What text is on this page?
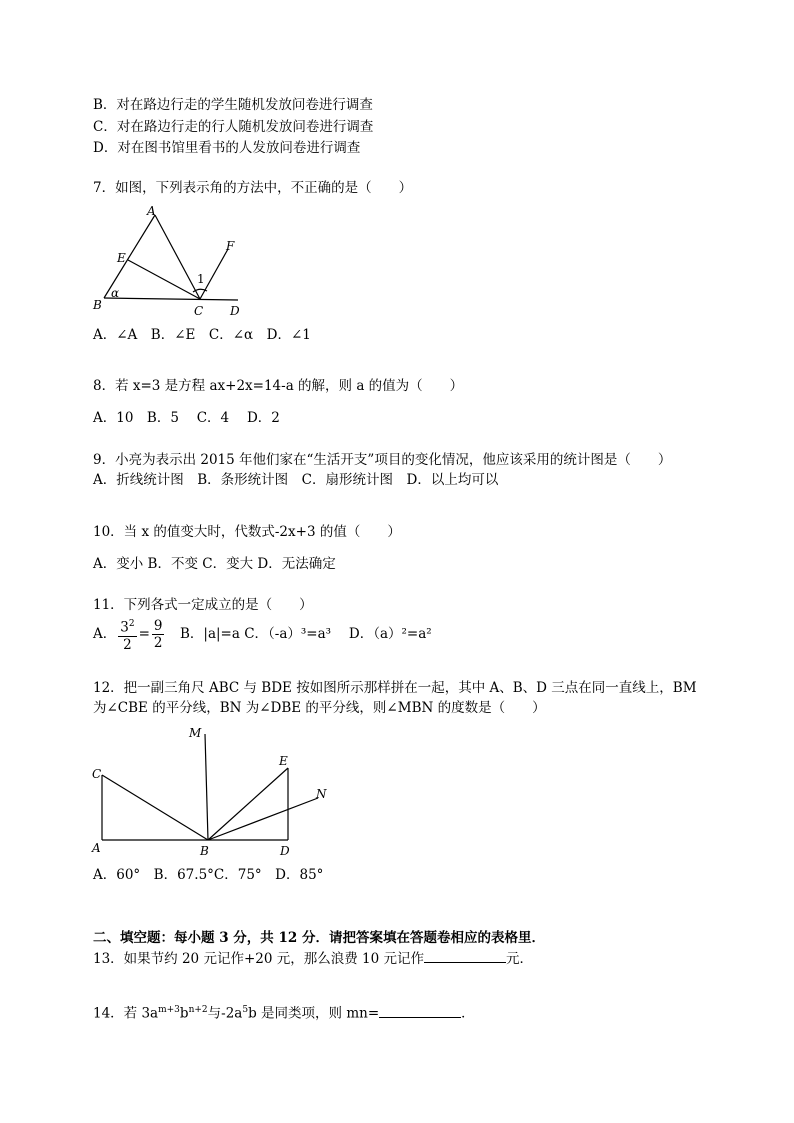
B．对在路边行走的学生随机发放问卷进行调查
C．对在路边行走的行人随机发放问卷进行调查
D．对在图书馆里看书的人发放问卷进行调查
7．如图，下列表示角的方法中，不正确的是（　　）
A
E
F
1
α
B	C D
A．∠A　B．∠E　C．∠α　D．∠1
8．若 x=3 是方程 ax+2x=14-a 的解，则 a 的值为（　　）
A．10　B．5　 C．4　 D．2
9．小亮为表示出 2015 年他们家在“生活开支”项目的变化情况，他应该采用的统计图是（　　）
A．折线统计图　B．条形统计图　C．扇形统计图　D．以上均可以
10．当 x 的值变大时，代数式-2x+3 的值（　　）
A．变小 B．不变 C．变大 D．无法确定
11．下列各式一定成立的是（　　）
A． $\frac{3^2}{2} = \frac{9}{2}$ 　B．|a|=a C．（-a）³=a³　 D．（a）²=a²
12．把一副三角尺 ABC 与 BDE 按如图所示那样拼在一起，其中 A、B、D 三点在同一直线上，BM
为∠CBE 的平分线，BN 为∠DBE 的平分线，则∠MBN 的度数是（　　）
M
C
E
N
A	B	D
A．60°　B．67.5°C．75°　D．85°
二、填空题：每小题 3 分，共 12 分．请把答案填在答题卷相应的表格里．
13．如果节约 20 元记作+20 元，那么浪费 10 元记作	元．
14．若 $3a^{m+3}b^{n+2}$与$-2a^5b$ 是同类项，则 mn=	．
